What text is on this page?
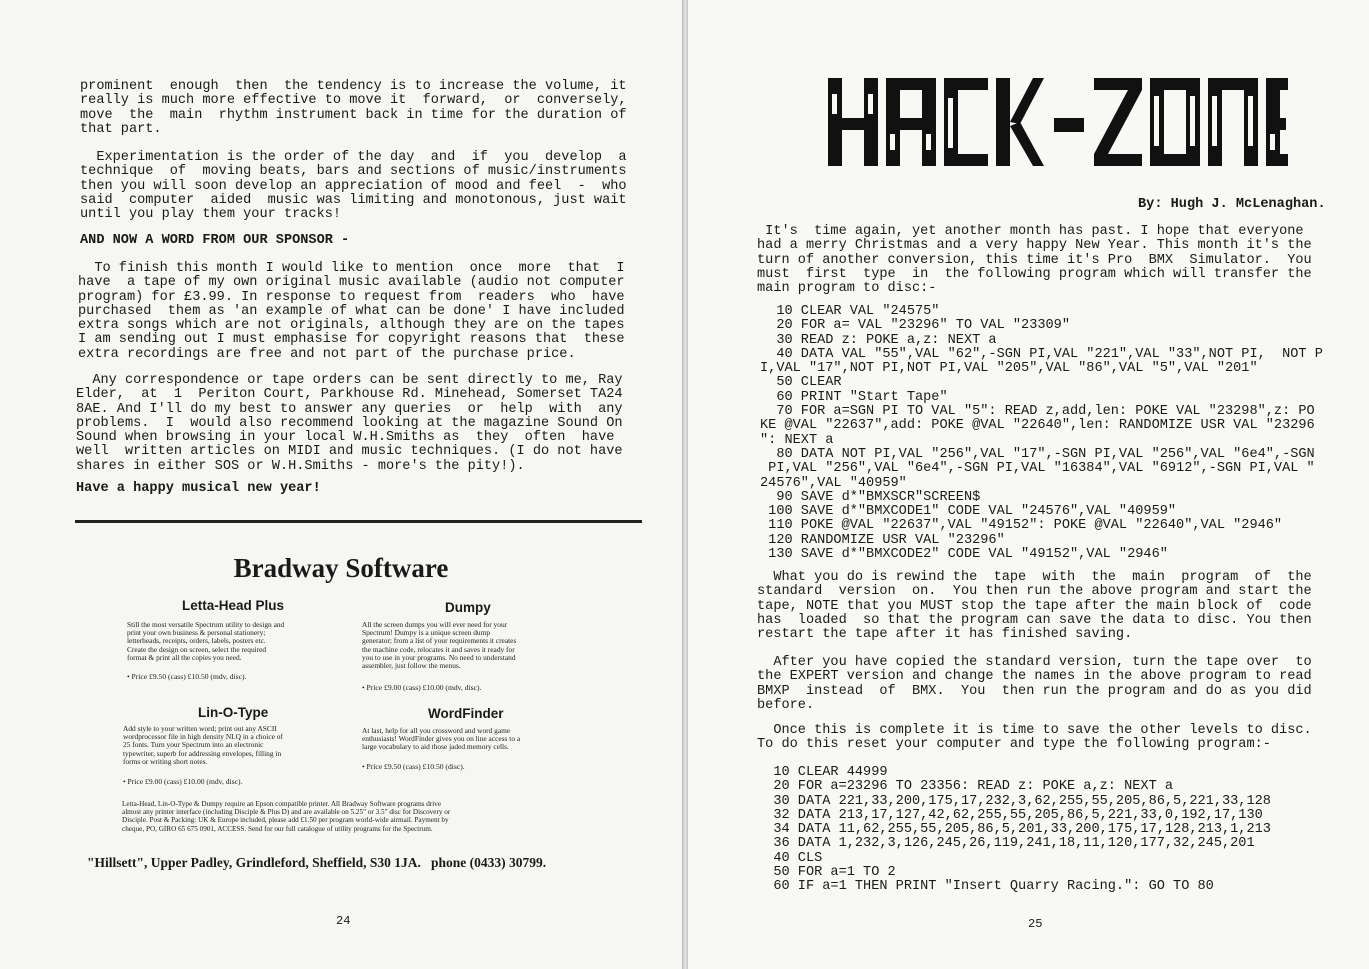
prominent  enough  then  the tendency is to increase the volume, it
really is much more effective to move it  forward,  or  conversely,
move  the  main  rhythm instrument back in time for the duration of
that part.
Experimentation is the order of the day  and  if  you  develop  a
technique  of  moving beats, bars and sections of music/instruments
then you will soon develop an appreciation of mood and feel  -  who
said  computer  aided  music was limiting and monotonous, just wait
until you play them your tracks!
AND NOW A WORD FROM OUR SPONSOR -
To finish this month I would like to mention  once  more  that  I
have  a tape of my own original music available (audio not computer
program) for £3.99. In response to request from  readers  who  have
purchased  them as 'an example of what can be done' I have included
extra songs which are not originals, although they are on the tapes
I am sending out I must emphasise for copyright reasons that  these
extra recordings are free and not part of the purchase price.
Any correspondence or tape orders can be sent directly to me, Ray
Elder,  at  1  Periton Court, Parkhouse Rd. Minehead, Somerset TA24
8AE. And I'll do my best to answer any queries  or  help  with  any
problems.  I  would also recommend looking at the magazine Sound On
Sound when browsing in your local W.H.Smiths as  they  often  have
well  written articles on MIDI and music techniques. (I do not have
shares in either SOS or W.H.Smiths - more's the pity!).
Have a happy musical new year!
Bradway Software
Letta-Head Plus
Still the most versatile Spectrum utility to design and
print your own business & personal stationery;
letterheads, receipts, orders, labels, posters etc.
Create the design on screen, select the required
format & print all the copies you need.
• Price £9.50 (cass) £10.50 (mdv, disc).
Dumpy
All the screen dumps you will ever need for your
Spectrum! Dumpy is a unique screen dump
generator; from a list of your requirements it creates
the machine code, relocates it and saves it ready for
you to use in your programs. No need to understand
assembler, just follow the menus.
• Price £9.00 (cass) £10.00 (mdv, disc).
Lin-O-Type
Add style to your written word; print out any ASCII
wordprocessor file in high density NLQ in a choice of
25 fonts. Turn your Spectrum into an electronic
typewriter, superb for addressing envelopes, filling in
forms or writing short notes.
• Price £9.00 (cass) £10.00 (mdv, disc).
WordFinder
At last, help for all you crossword and word game
enthusiasts! WordFinder gives you on line access to a
large vocabulary to aid those jaded memory cells.
• Price £9.50 (cass) £10.50 (disc).
Letta-Head, Lin-O-Type & Dumpy require an Epson compatible printer. All Bradway Software programs drive
almost any printer interface (including Disciple & Plus D) and are available on 5.25" or 3.5" disc for Discovery or
Disciple. Post & Packing: UK & Europe included, please add £1.50 per program world-wide airmail. Payment by
cheque, PO, GIRO 65 675 0901, ACCESS. Send for our full catalogue of utility programs for the Spectrum.
"Hillsett", Upper Padley, Grindleford, Sheffield, S30 1JA.   phone (0433) 30799.
24
By: Hugh J. McLenaghan.
It's  time again, yet another month has past. I hope that everyone
had a merry Christmas and a very happy New Year. This month it's the
turn of another conversion, this time it's Pro  BMX  Simulator.  You
must  first  type  in  the following program which will transfer the
main program to disc:-
10 CLEAR VAL "24575"
20 FOR a= VAL "23296" TO VAL "23309"
30 READ z: POKE a,z: NEXT a
40 DATA VAL "55",VAL "62",-SGN PI,VAL "221",VAL "33",NOT PI,  NOT P
I,VAL "17",NOT PI,NOT PI,VAL "205",VAL "86",VAL "5",VAL "201"
50 CLEAR
60 PRINT "Start Tape"
70 FOR a=SGN PI TO VAL "5": READ z,add,len: POKE VAL "23298",z: PO
KE @VAL "22637",add: POKE @VAL "22640",len: RANDOMIZE USR VAL "23296
": NEXT a
80 DATA NOT PI,VAL "256",VAL "17",-SGN PI,VAL "256",VAL "6e4",-SGN
PI,VAL "256",VAL "6e4",-SGN PI,VAL "16384",VAL "6912",-SGN PI,VAL "
24576",VAL "40959"
90 SAVE d*"BMXSCR"SCREEN$
100 SAVE d*"BMXCODE1" CODE VAL "24576",VAL "40959"
110 POKE @VAL "22637",VAL "49152": POKE @VAL "22640",VAL "2946"
120 RANDOMIZE USR VAL "23296"
130 SAVE d*"BMXCODE2" CODE VAL "49152",VAL "2946"
What you do is rewind the  tape  with  the  main  program  of  the
standard  version  on.  You then run the above program and start the
tape, NOTE that you MUST stop the tape after the main block of  code
has  loaded  so that the program can save the data to disc. You then
restart the tape after it has finished saving.
After you have copied the standard version, turn the tape over  to
the EXPERT version and change the names in the above program to read
BMXP  instead  of  BMX.  You  then run the program and do as you did
before.
Once this is complete it is time to save the other levels to disc.
To do this reset your computer and type the following program:-
10 CLEAR 44999
20 FOR a=23296 TO 23356: READ z: POKE a,z: NEXT a
30 DATA 221,33,200,175,17,232,3,62,255,55,205,86,5,221,33,128
32 DATA 213,17,127,42,62,255,55,205,86,5,221,33,0,192,17,130
34 DATA 11,62,255,55,205,86,5,201,33,200,175,17,128,213,1,213
36 DATA 1,232,3,126,245,26,119,241,18,11,120,177,32,245,201
40 CLS
50 FOR a=1 TO 2
60 IF a=1 THEN PRINT "Insert Quarry Racing.": GO TO 80
25
